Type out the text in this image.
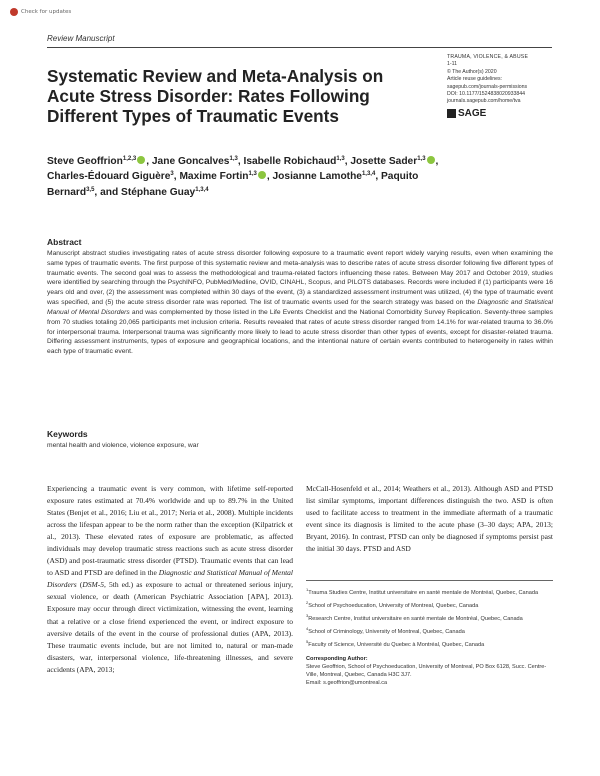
Check for updates
Review Manuscript
TRAUMA, VIOLENCE, & ABUSE
1-11
© The Author(s) 2020
Article reuse guidelines:
sagepub.com/journals-permissions
DOI: 10.1177/1524838020933844
journals.sagepub.com/home/tva
SAGE
Systematic Review and Meta-Analysis on Acute Stress Disorder: Rates Following Different Types of Traumatic Events
Steve Geoffrion$^{1,2,3}$ , Jane Goncalves$^{1,3}$, Isabelle Robichaud$^{1,3}$, Josette Sader$^{1,3}$ , Charles-Édouard Giguère$^3$, Maxime Fortin$^{1,3}$ , Josianne Lamothe$^{1,3,4}$, Paquito Bernard$^{3,5}$, and Stéphane Guay$^{1,3,4}$
Abstract
Manuscript abstract studies investigating rates of acute stress disorder following exposure to a traumatic event report widely varying results, even when examining the same types of traumatic events. The first purpose of this systematic review and meta-analysis was to describe rates of acute stress disorder following five different types of traumatic events. The second goal was to assess the methodological and trauma-related factors influencing these rates. Between May 2017 and October 2019, studies were identified by searching through the PsychINFO, PubMed/Medline, OVID, CINAHL, Scopus, and PILOTS databases. Records were included if (1) participants were 16 years old and over, (2) the assessment was completed within 30 days of the event, (3) a standardized assessment instrument was utilized, (4) the type of traumatic event was specified, and (5) the acute stress disorder rate was reported. The list of traumatic events used for the search strategy was based on the Diagnostic and Statistical Manual of Mental Disorders and was complemented by those listed in the Life Events Checklist and the National Comorbidity Survey Replication. Seventy-three samples from 70 studies totaling 20,065 participants met inclusion criteria. Results revealed that rates of acute stress disorder ranged from 14.1% for war-related trauma to 36.0% for interpersonal trauma. Interpersonal trauma was significantly more likely to lead to acute stress disorder than other types of events, except for disaster-related trauma. Differing assessment instruments, types of exposure and geographical locations, and the intentional nature of certain events contributed to heterogeneity in rates within each type of traumatic event.
Keywords
mental health and violence, violence exposure, war
Experiencing a traumatic event is very common, with lifetime self-reported exposure rates estimated at 70.4% worldwide and up to 89.7% in the United States (Benjet et al., 2016; Liu et al., 2017; Neria et al., 2008). Multiple incidents across the lifespan appear to be the norm rather than the exception (Kilpatrick et al., 2013). These elevated rates of exposure are problematic, as affected individuals may develop traumatic stress reactions such as acute stress disorder (ASD) and post-traumatic stress disorder (PTSD). Traumatic events that can lead to ASD and PTSD are defined in the Diagnostic and Statistical Manual of Mental Disorders (DSM-5, 5th ed.) as exposure to actual or threatened serious injury, sexual violence, or death (American Psychiatric Association [APA], 2013). Exposure may occur through direct victimization, witnessing the event, learning that a relative or a close friend experienced the event, or indirect exposure to aversive details of the event in the course of professional duties (APA, 2013). These traumatic events include, but are not limited to, natural or man-made disasters, war, interpersonal violence, life-threatening illnesses, and severe accidents (APA, 2013;
McCall-Hosenfeld et al., 2014; Weathers et al., 2013). Although ASD and PTSD list similar symptoms, important differences distinguish the two. ASD is often used to facilitate access to treatment in the immediate aftermath of a traumatic event since its diagnosis is limited to the acute phase (3–30 days; APA, 2013; Bryant, 2016). In contrast, PTSD can only be diagnosed if symptoms persist past the initial 30 days. PTSD and ASD
$^1$Trauma Studies Centre, Institut universitaire en santé mentale de Montréal, Quebec, Canada
$^2$School of Psychoeducation, University of Montreal, Quebec, Canada
$^3$Research Centre, Institut universitaire en santé mentale de Montréal, Quebec, Canada
$^4$School of Criminology, University of Montreal, Quebec, Canada
$^5$Faculty of Science, Université du Quebec à Montréal, Quebec, Canada
Corresponding Author:
Steve Geoffrion, School of Psychoeducation, University of Montreal, PO Box 6128, Succ. Centre-Ville, Montreal, Quebec, Canada H3C 3J7.
Email: s.geoffrion@umontreal.ca
